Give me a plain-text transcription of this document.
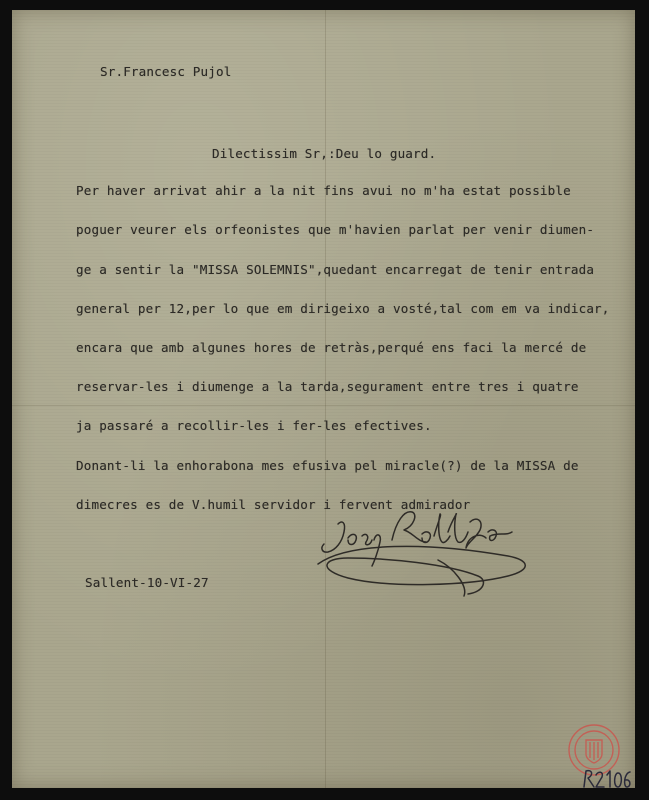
Sr.Francesc Pujol
Dilectissim Sr,:Deu lo guard.
Per haver arrivat ahir a la nit fins avui no m'ha estat possible
poguer veurer els orfeonistes que m'havien parlat per venir diumen-
ge a sentir la "MISSA SOLEMNIS",quedant encarregat de tenir entrada
general per 12,per lo que em dirigeixo a vosté,tal com em va indicar,
encara que amb algunes hores de retràs,perqué ens faci la mercé de
reservar-les i diumenge a la tarda,segurament entre tres i quatre
ja passaré a recollir-les i fer-les efectives.
Donant-li la enhorabona mes efusiva pel miracle(?) de la MISSA de
dimecres es de V.humil servidor i fervent admirador
Sallent-10-VI-27
